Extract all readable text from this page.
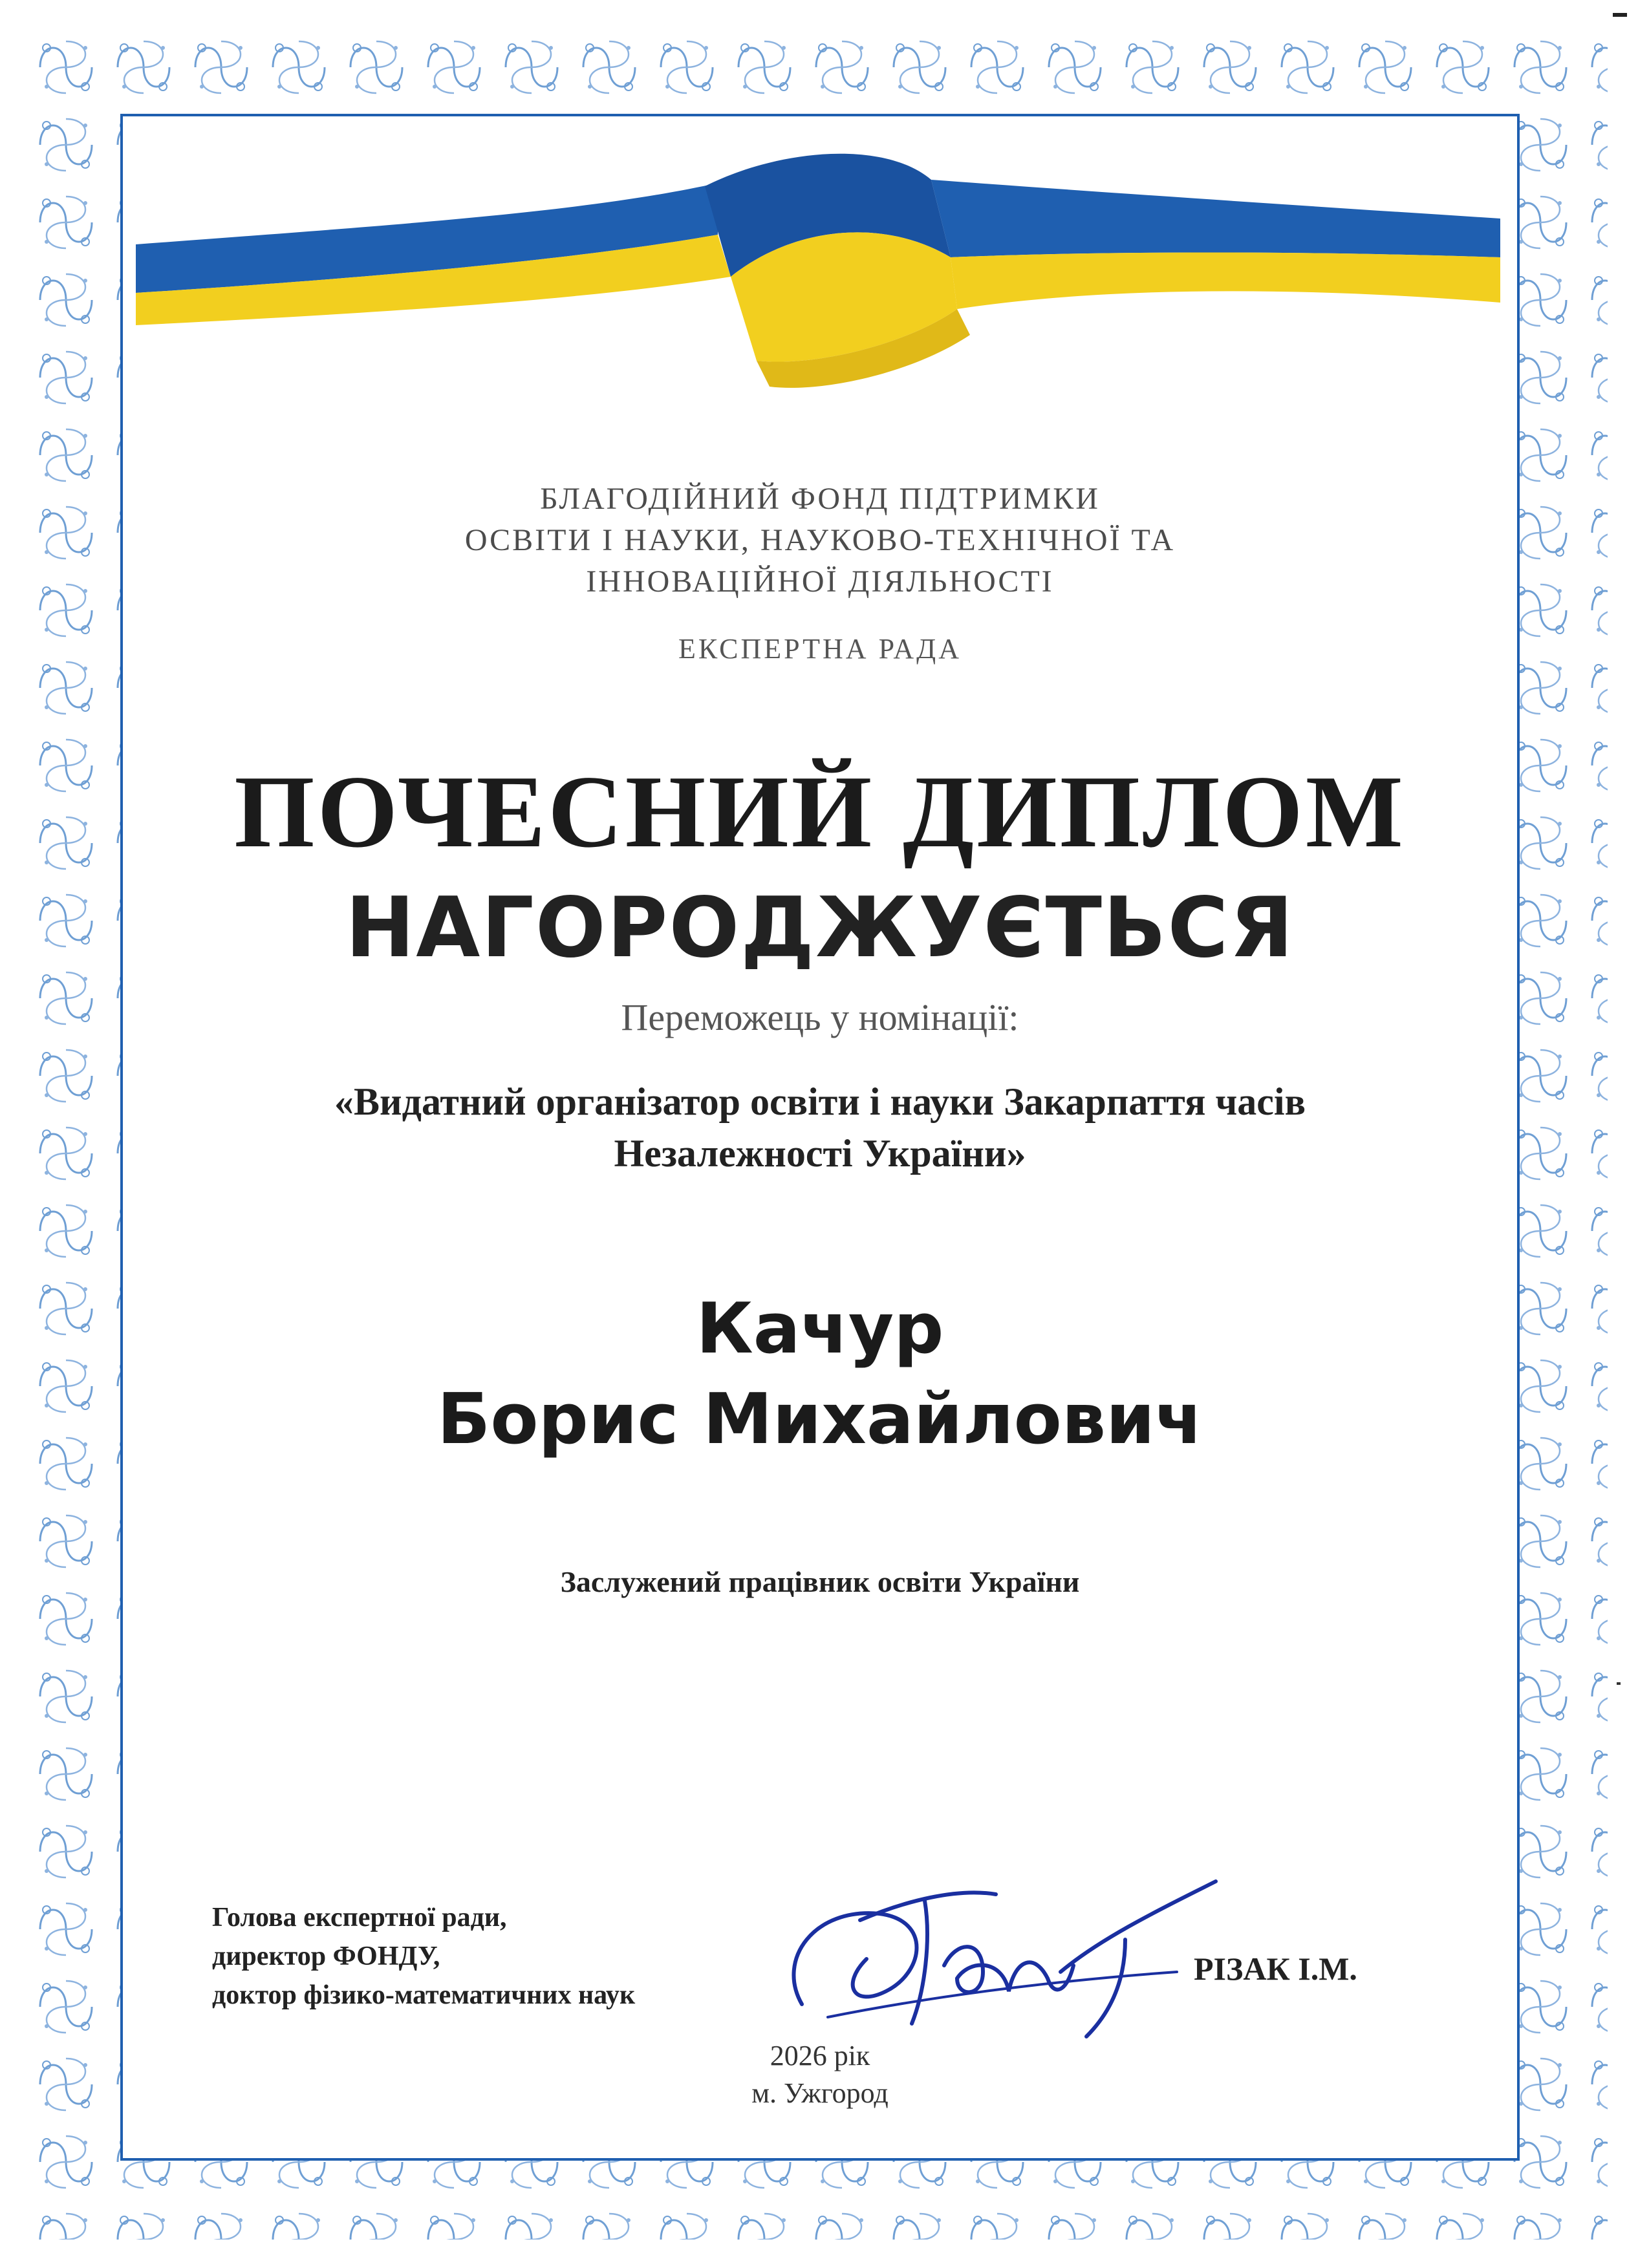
БЛАГОДІЙНИЙ ФОНД ПІДТРИМКИ
ОСВІТИ І НАУКИ, НАУКОВО-ТЕХНІЧНОЇ ТА
ІННОВАЦІЙНОЇ ДІЯЛЬНОСТІ
ЕКСПЕРТНА РАДА
ПОЧЕСНИЙ ДИПЛОМ
НАГОРОДЖУЄТЬСЯ
Переможець у номінації:
«Видатний організатор освіти і науки Закарпаття часів
Незалежності України»
Качур
Борис Михайлович
Заслужений працівник освіти України
Голова експертної ради,
директор ФОНДУ,
доктор фізико-математичних наук
РІЗАК І.М.
2026 рік
м. Ужгород
